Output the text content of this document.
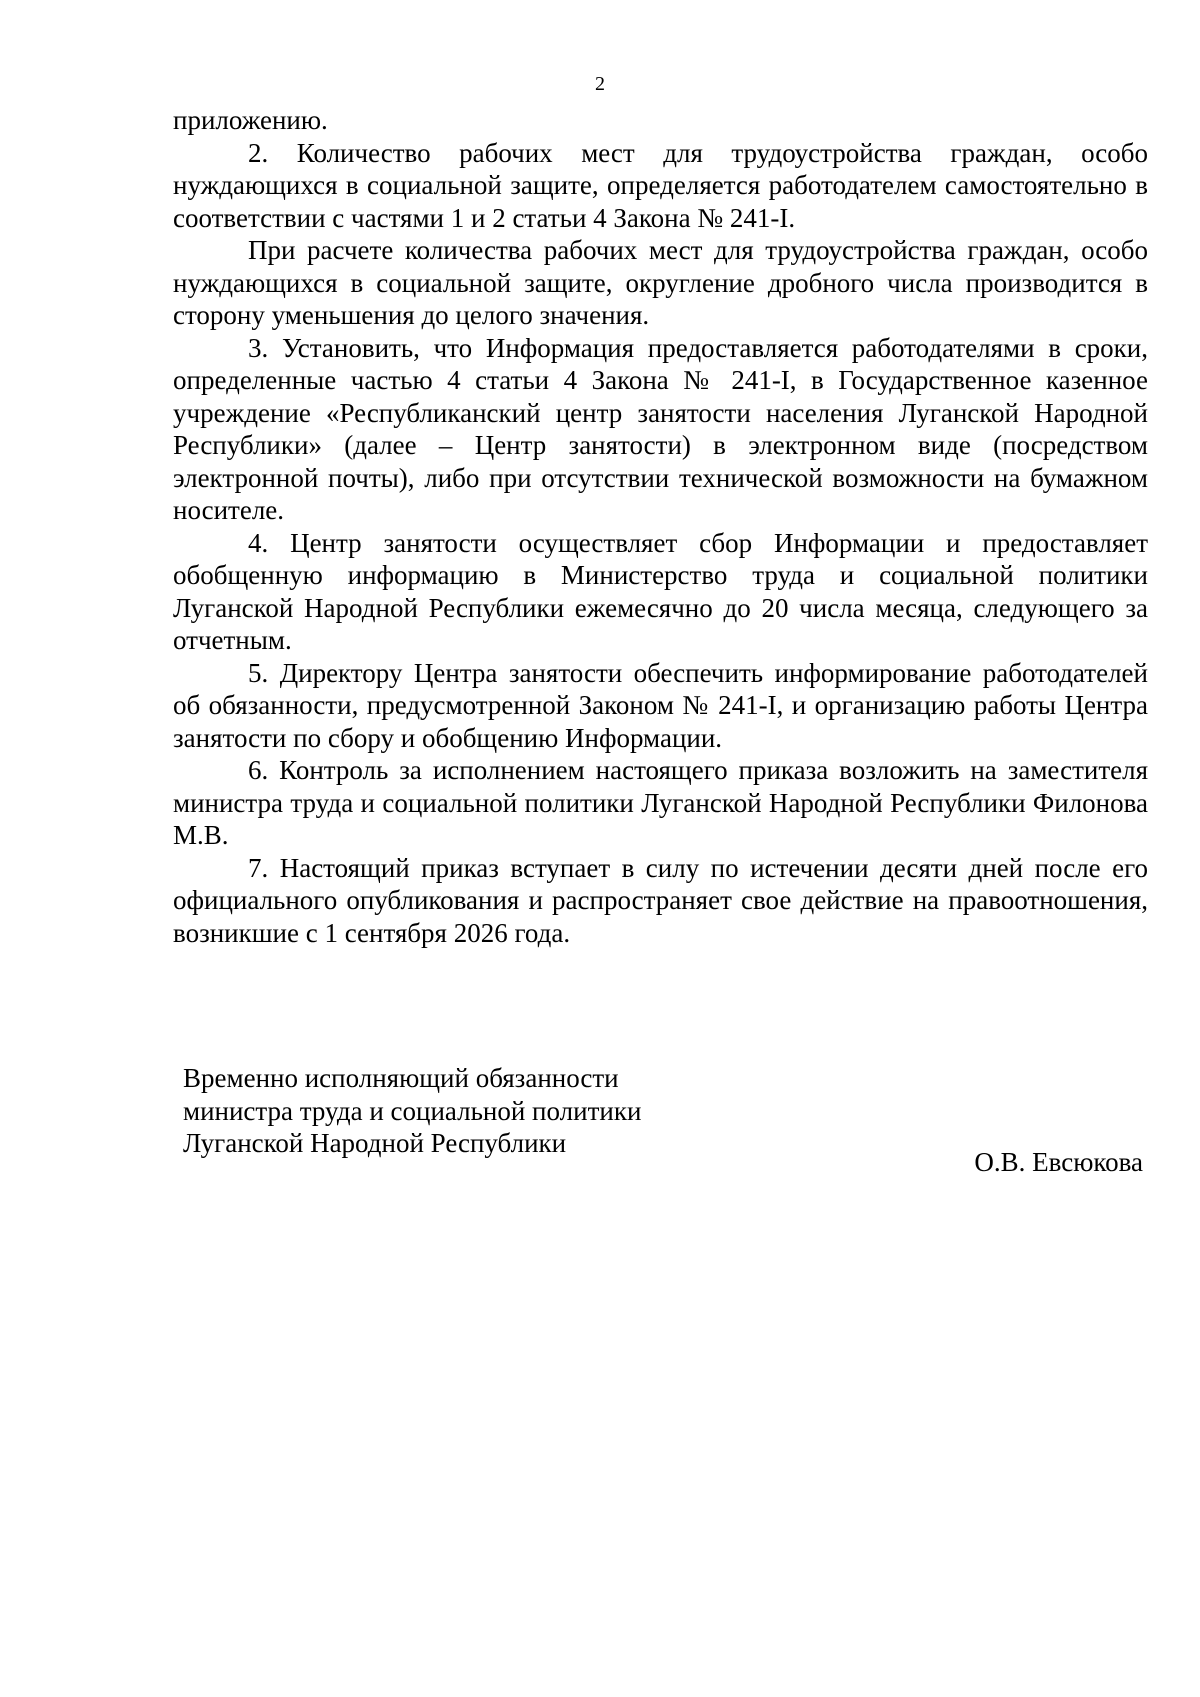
2

приложению.

2. Количество рабочих мест для трудоустройства граждан, особо нуждающихся в социальной защите, определяется работодателем самостоятельно в соответствии с частями 1 и 2 статьи 4 Закона № 241-I.

При расчете количества рабочих мест для трудоустройства граждан, особо нуждающихся в социальной защите, округление дробного числа производится в сторону уменьшения до целого значения.

3. Установить, что Информация предоставляется работодателями в сроки, определенные частью 4 статьи 4 Закона № 241-I, в Государственное казенное учреждение «Республиканский центр занятости населения Луганской Народной Республики» (далее – Центр занятости) в электронном виде (посредством электронной почты), либо при отсутствии технической возможности на бумажном носителе.

4. Центр занятости осуществляет сбор Информации и предоставляет обобщенную информацию в Министерство труда и социальной политики Луганской Народной Республики ежемесячно до 20 числа месяца, следующего за отчетным.

5. Директору Центра занятости обеспечить информирование работодателей об обязанности, предусмотренной Законом № 241-I, и организацию работы Центра занятости по сбору и обобщению Информации.

6. Контроль за исполнением настоящего приказа возложить на заместителя министра труда и социальной политики Луганской Народной Республики Филонова М.В.

7. Настоящий приказ вступает в силу по истечении десяти дней после его официального опубликования и распространяет свое действие на правоотношения, возникшие с 1 сентября 2026 года.

Временно исполняющий обязанности
министра труда и социальной политики
Луганской Народной Республики
О.В. Евсюкова
